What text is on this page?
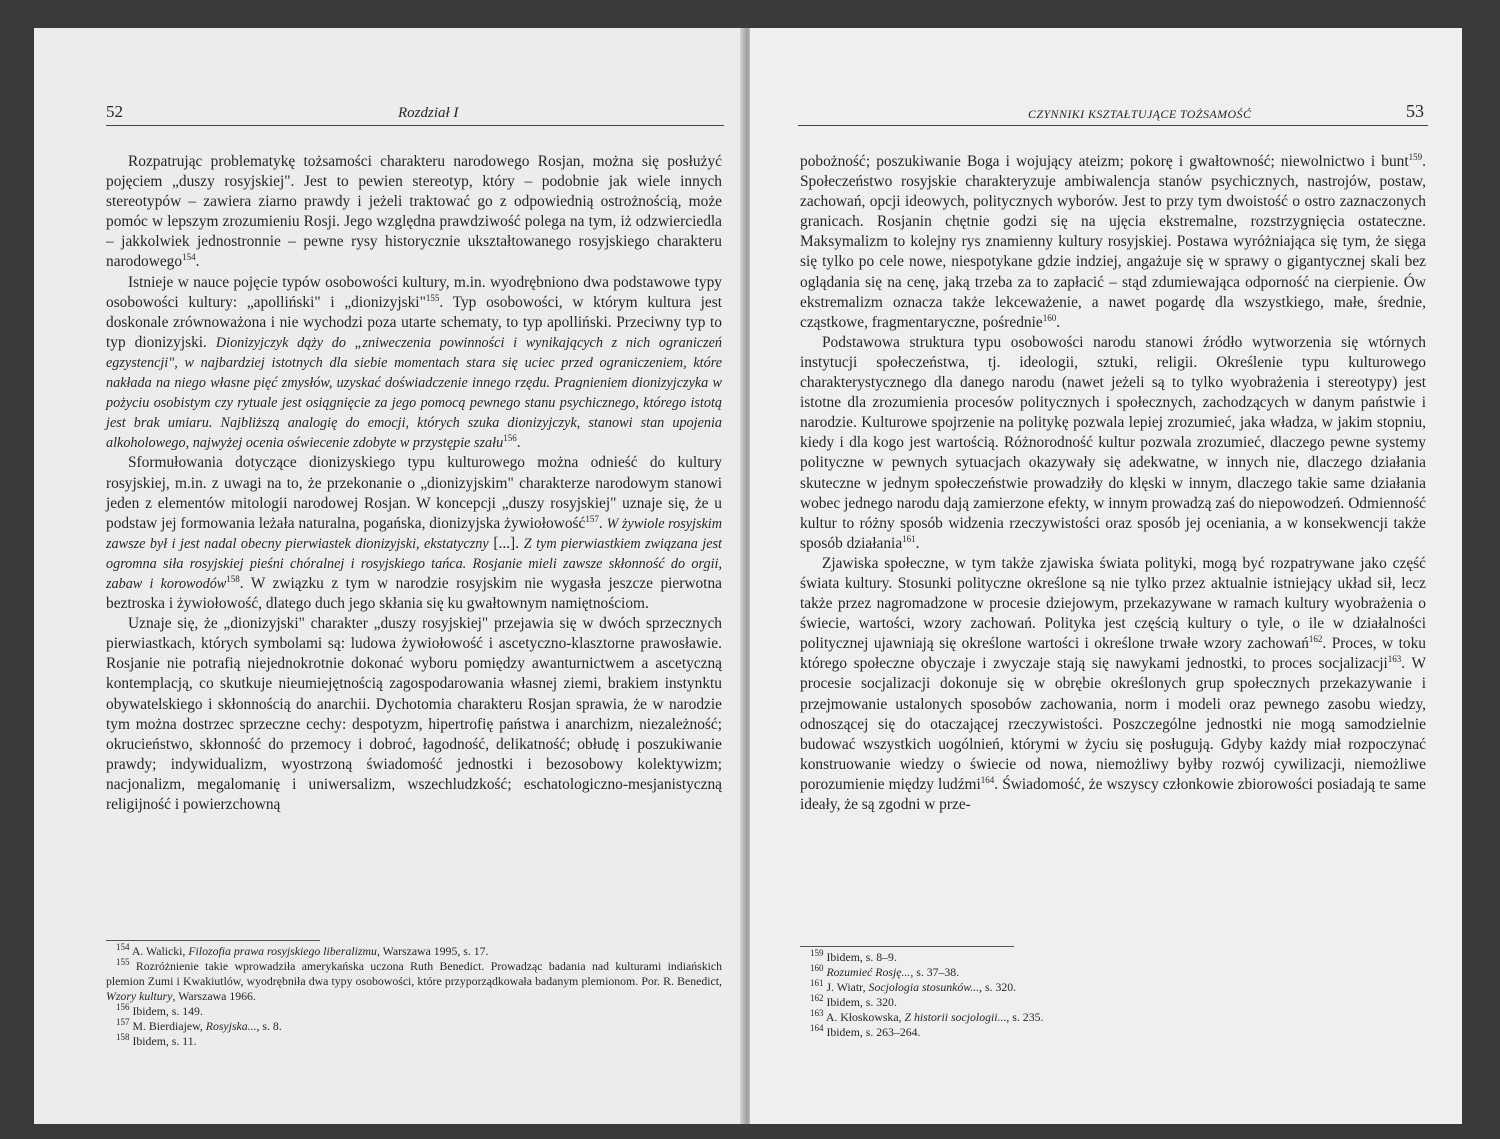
52	Rozdział I

Rozpatrując problematykę tożsamości charakteru narodowego Rosjan, można się posłużyć pojęciem „duszy rosyjskiej". Jest to pewien stereotyp, który – podobnie jak wiele innych stereotypów – zawiera ziarno prawdy i jeżeli traktować go z odpowiednią ostrożnością, może pomóc w lepszym zrozumieniu Rosji. Jego względna prawdziwość polega na tym, iż odzwierciedla – jakkolwiek jednostronnie – pewne rysy historycznie ukształtowanego rosyjskiego charakteru narodowego$^{154}$.

Istnieje w nauce pojęcie typów osobowości kultury, m.in. wyodrębniono dwa podstawowe typy osobowości kultury: „apolliński" i „dionizyjski"$^{155}$. Typ osobowości, w którym kultura jest doskonale zrównoważona i nie wychodzi poza utarte schematy, to typ apolliński. Przeciwny typ to typ dionizyjski. Dionizyjczyk dąży do „zniweczenia powinności i wynikających z nich ograniczeń egzystencji", w najbardziej istotnych dla siebie momentach stara się uciec przed ograniczeniem, które nakłada na niego własne pięć zmysłów, uzyskać doświadczenie innego rzędu. Pragnieniem dionizyjczyka w pożyciu osobistym czy rytuale jest osiągnięcie za jego pomocą pewnego stanu psychicznego, którego istotą jest brak umiaru. Najbliższą analogię do emocji, których szuka dionizyjczyk, stanowi stan upojenia alkoholowego, najwyżej ocenia oświecenie zdobyte w przystępie szału$^{156}$.

Sformułowania dotyczące dionizyskiego typu kulturowego można odnieść do kultury rosyjskiej, m.in. z uwagi na to, że przekonanie o „dionizyjskim" charakterze narodowym stanowi jeden z elementów mitologii narodowej Rosjan. W koncepcji „duszy rosyjskiej" uznaje się, że u podstaw jej formowania leżała naturalna, pogańska, dionizyjska żywiołowość$^{157}$. W żywiole rosyjskim zawsze był i jest nadal obecny pierwiastek dionizyjski, ekstatyczny [...]. Z tym pierwiastkiem związana jest ogromna siła rosyjskiej pieśni chóralnej i rosyjskiego tańca. Rosjanie mieli zawsze skłonność do orgii, zabaw i korowodów$^{158}$. W związku z tym w narodzie rosyjskim nie wygasła jeszcze pierwotna beztroska i żywiołowość, dlatego duch jego skłania się ku gwałtownym namiętnościom.

Uznaje się, że „dionizyjski" charakter „duszy rosyjskiej" przejawia się w dwóch sprzecznych pierwiastkach, których symbolami są: ludowa żywiołowość i ascetyczno-klasztorne prawosławie. Rosjanie nie potrafią niejednokrotnie dokonać wyboru pomiędzy awanturnictwem a ascetyczną kontemplacją, co skutkuje nieumiejętnością zagospodarowania własnej ziemi, brakiem instynktu obywatelskiego i skłonnością do anarchii. Dychotomia charakteru Rosjan sprawia, że w narodzie tym można dostrzec sprzeczne cechy: despotyzm, hipertrofię państwa i anarchizm, niezależność; okrucieństwo, skłonność do przemocy i dobroć, łagodność, delikatność; obłudę i poszukiwanie prawdy; indywidualizm, wyostrzoną świadomość jednostki i bezosobowy kolektywizm; nacjonalizm, megalomanię i uniwersalizm, wszechludzkość; eschatologiczno-mesjanistyczną religijność i powierzchowną

$^{154}$ A. Walicki, Filozofia prawa rosyjskiego liberalizmu, Warszawa 1995, s. 17.

$^{155}$ Rozróżnienie takie wprowadziła amerykańska uczona Ruth Benedict. Prowadząc badania nad kulturami indiańskich plemion Zumi i Kwakiutlów, wyodrębniła dwa typy osobowości, które przyporządkowała badanym plemionom. Por. R. Benedict, Wzory kultury, Warszawa 1966.

$^{156}$ Ibidem, s. 149.

$^{157}$ M. Bierdiajew, Rosyjska..., s. 8.

$^{158}$ Ibidem, s. 11.

CZYNNIKI KSZTAŁTUJĄCE TOŻSAMOŚĆ	53

pobożność; poszukiwanie Boga i wojujący ateizm; pokorę i gwałtowność; niewolnictwo i bunt$^{159}$. Społeczeństwo rosyjskie charakteryzuje ambiwalencja stanów psychicznych, nastrojów, postaw, zachowań, opcji ideowych, politycznych wyborów. Jest to przy tym dwoistość o ostro zaznaczonych granicach. Rosjanin chętnie godzi się na ujęcia ekstremalne, rozstrzygnięcia ostateczne. Maksymalizm to kolejny rys znamienny kultury rosyjskiej. Postawa wyróżniająca się tym, że sięga się tylko po cele nowe, niespotykane gdzie indziej, angażuje się w sprawy o gigantycznej skali bez oglądania się na cenę, jaką trzeba za to zapłacić – stąd zdumiewająca odporność na cierpienie. Ów ekstremalizm oznacza także lekceważenie, a nawet pogardę dla wszystkiego, małe, średnie, cząstkowe, fragmentaryczne, pośrednie$^{160}$.

Podstawowa struktura typu osobowości narodu stanowi źródło wytworzenia się wtórnych instytucji społeczeństwa, tj. ideologii, sztuki, religii. Określenie typu kulturowego charakterystycznego dla danego narodu (nawet jeżeli są to tylko wyobrażenia i stereotypy) jest istotne dla zrozumienia procesów politycznych i społecznych, zachodzących w danym państwie i narodzie. Kulturowe spojrzenie na politykę pozwala lepiej zrozumieć, jaka władza, w jakim stopniu, kiedy i dla kogo jest wartością. Różnorodność kultur pozwala zrozumieć, dlaczego pewne systemy polityczne w pewnych sytuacjach okazywały się adekwatne, w innych nie, dlaczego działania skuteczne w jednym społeczeństwie prowadziły do klęski w innym, dlaczego takie same działania wobec jednego narodu dają zamierzone efekty, w innym prowadzą zaś do niepowodzeń. Odmienność kultur to różny sposób widzenia rzeczywistości oraz sposób jej oceniania, a w konsekwencji także sposób działania$^{161}$.

Zjawiska społeczne, w tym także zjawiska świata polityki, mogą być rozpatrywane jako część świata kultury. Stosunki polityczne określone są nie tylko przez aktualnie istniejący układ sił, lecz także przez nagromadzone w procesie dziejowym, przekazywane w ramach kultury wyobrażenia o świecie, wartości, wzory zachowań. Polityka jest częścią kultury o tyle, o ile w działalności politycznej ujawniają się określone wartości i określone trwałe wzory zachowań$^{162}$. Proces, w toku którego społeczne obyczaje i zwyczaje stają się nawykami jednostki, to proces socjalizacji$^{163}$. W procesie socjalizacji dokonuje się w obrębie określonych grup społecznych przekazywanie i przejmowanie ustalonych sposobów zachowania, norm i modeli oraz pewnego zasobu wiedzy, odnoszącej się do otaczającej rzeczywistości. Poszczególne jednostki nie mogą samodzielnie budować wszystkich uogólnień, którymi w życiu się posługują. Gdyby każdy miał rozpoczynać konstruowanie wiedzy o świecie od nowa, niemożliwy byłby rozwój cywilizacji, niemożliwe porozumienie między ludźmi$^{164}$. Świadomość, że wszyscy członkowie zbiorowości posiadają te same ideały, że są zgodni w prze-

$^{159}$ Ibidem, s. 8–9.

$^{160}$ Rozumieć Rosję..., s. 37–38.

$^{161}$ J. Wiatr, Socjologia stosunków..., s. 320.

$^{162}$ Ibidem, s. 320.

$^{163}$ A. Kłoskowska, Z historii socjologii..., s. 235.

$^{164}$ Ibidem, s. 263–264.
